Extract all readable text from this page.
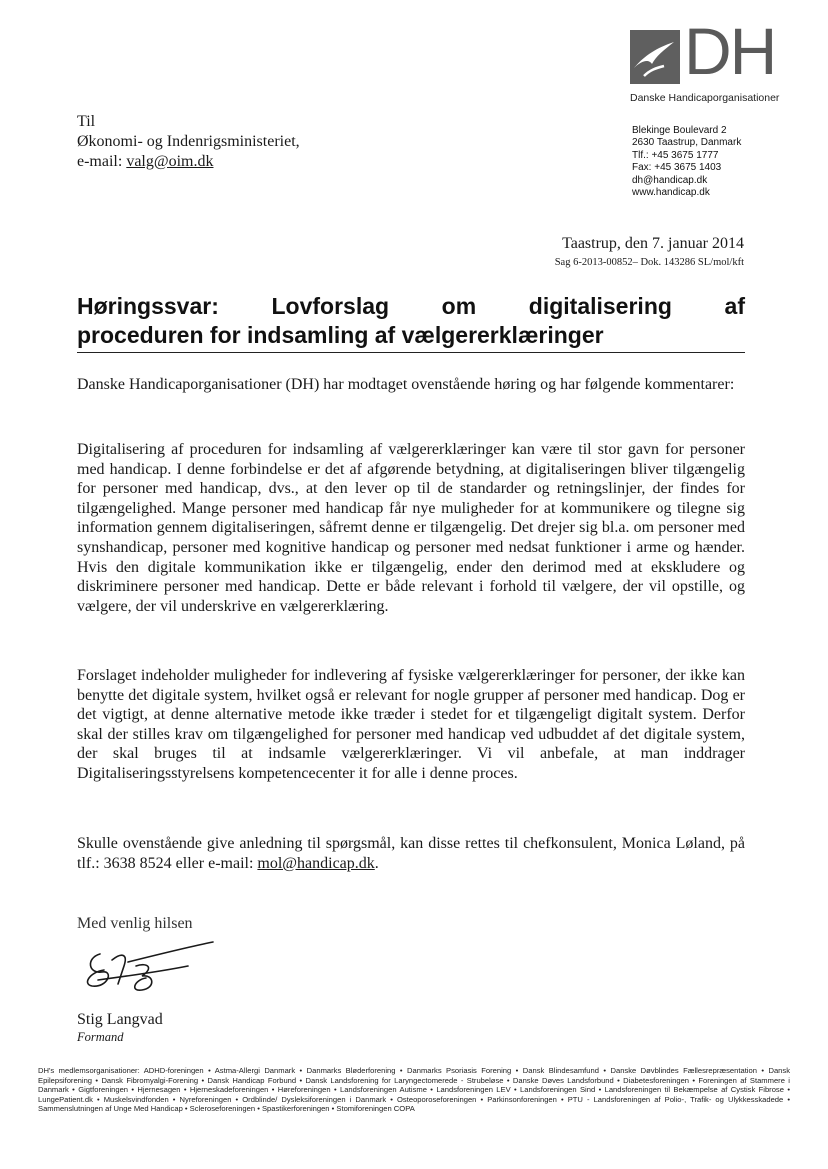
DH
Danske Handicaporganisationer
Til
Økonomi- og Indenrigsministeriet,
e-mail: valg@oim.dk
Blekinge Boulevard 2
2630 Taastrup, Danmark
Tlf.: +45 3675 1777
Fax: +45 3675 1403
dh@handicap.dk
www.handicap.dk
Taastrup, den 7. januar 2014
Sag 6-2013-00852– Dok. 143286 SL/mol/kft
Høringssvar: Lovforslag om digitalisering af
proceduren for indsamling af vælgererklæringer
Danske Handicaporganisationer (DH) har modtaget ovenstående høring og har følgende kommentarer:
Digitalisering af proceduren for indsamling af vælgererklæringer kan være til stor gavn for personer med handicap. I denne forbindelse er det af afgørende betydning, at digitaliseringen bliver tilgængelig for personer med handicap, dvs., at den lever op til de standarder og retningslinjer, der findes for tilgængelighed. Mange personer med handicap får nye muligheder for at kommunikere og tilegne sig information gennem digitaliseringen, såfremt denne er tilgængelig. Det drejer sig bl.a. om personer med synshandicap, personer med kognitive handicap og personer med nedsat funktioner i arme og hænder. Hvis den digitale kommunikation ikke er tilgængelig, ender den derimod med at ekskludere og diskriminere personer med handicap. Dette er både relevant i forhold til vælgere, der vil opstille, og vælgere, der vil underskrive en vælgererklæring.
Forslaget indeholder muligheder for indlevering af fysiske vælgererklæringer for personer, der ikke kan benytte det digitale system, hvilket også er relevant for nogle grupper af personer med handicap. Dog er det vigtigt, at denne alternative metode ikke træder i stedet for et tilgængeligt digitalt system. Derfor skal der stilles krav om tilgængelighed for personer med handicap ved udbuddet af det digitale system, der skal bruges til at indsamle vælgererklæringer. Vi vil anbefale, at man inddrager Digitaliseringsstyrelsens kompetencecenter it for alle i denne proces.
Skulle ovenstående give anledning til spørgsmål, kan disse rettes til chefkonsulent, Monica Løland, på tlf.: 3638 8524 eller e-mail: mol@handicap.dk.
Med venlig hilsen
Stig Langvad
Formand
DH's medlemsorganisationer: ADHD-foreningen • Astma-Allergi Danmark • Danmarks Bløderforening • Danmarks Psoriasis Forening • Dansk Blindesamfund • Danske Døvblindes Fællesrepræsentation • Dansk Epilepsiforening • Dansk Fibromyalgi-Forening • Dansk Handicap Forbund • Dansk Landsforening for Laryngectomerede - Strubeløse • Danske Døves Landsforbund • Diabetesforeningen • Foreningen af Stammere i Danmark • Gigtforeningen • Hjernesagen • Hjerneskadeforeningen • Høreforeningen • Landsforeningen Autisme • Landsforeningen LEV • Landsforeningen Sind • Landsforeningen til Bekæmpelse af Cystisk Fibrose • LungePatient.dk • Muskelsvindfonden • Nyreforeningen • Ordblinde/ Dysleksiforeningen i Danmark • Osteoporoseforeningen • Parkinsonforeningen • PTU - Landsforeningen af Polio-, Trafik- og Ulykkesskadede • Sammenslutningen af Unge Med Handicap • Scleroseforeningen • Spastikerforeningen • Stomiforeningen COPA
